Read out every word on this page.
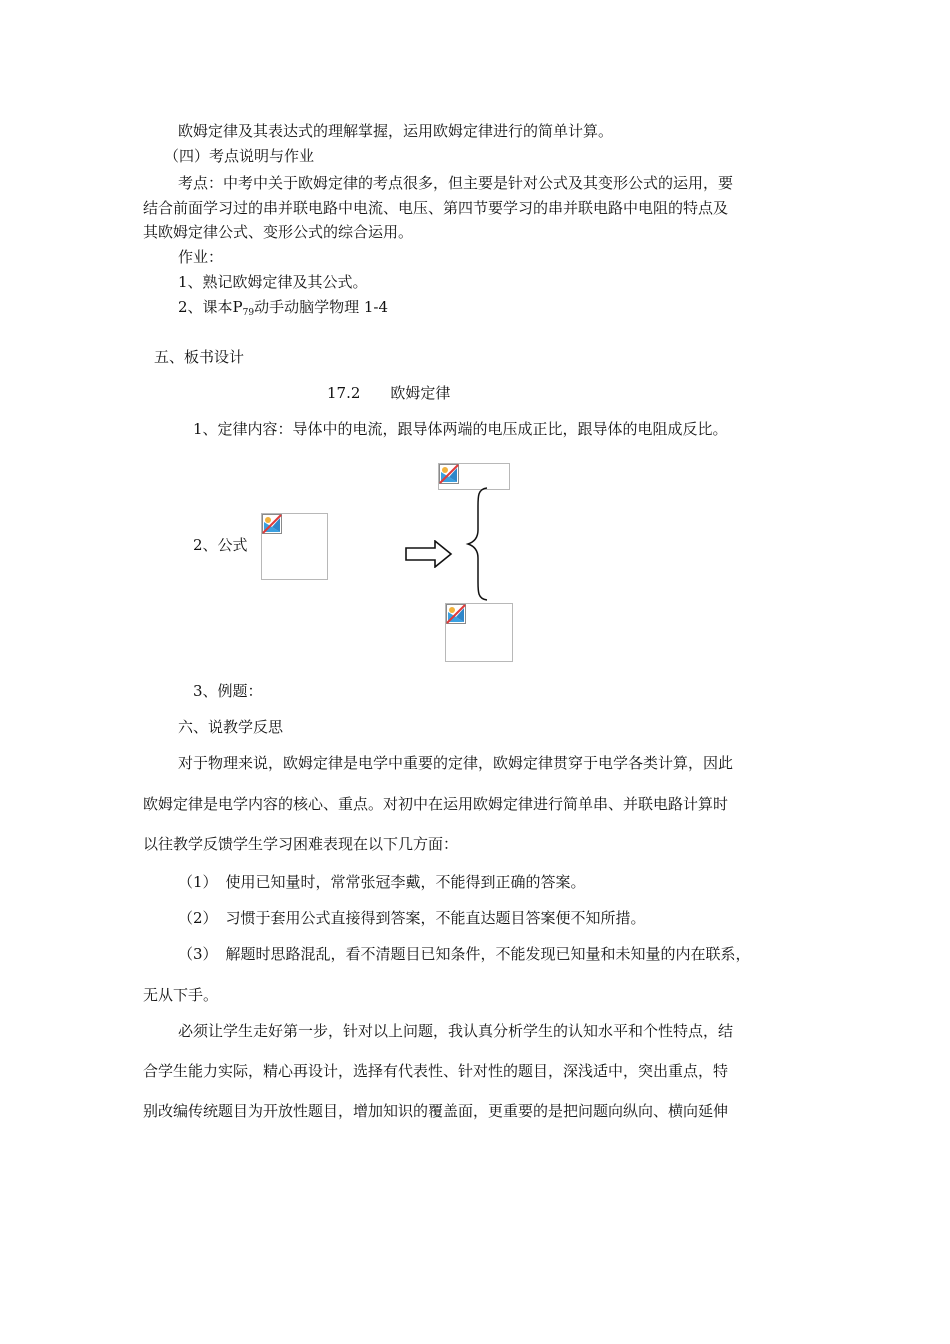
欧姆定律及其表达式的理解掌握，运用欧姆定律进行的简单计算。
（四）考点说明与作业
考点：中考中关于欧姆定律的考点很多，但主要是针对公式及其变形公式的运用，要
结合前面学习过的串并联电路中电流、电压、第四节要学习的串并联电路中电阻的特点及
其欧姆定律公式、变形公式的综合运用。
作业：
1、熟记欧姆定律及其公式。
2、课本$P_{79}$动手动脑学物理 1-4
五、板书设计
17.2 欧姆定律
1、定律内容：导体中的电流，跟导体两端的电压成正比，跟导体的电阻成反比。
2、公式
3、例题：
六、说教学反思
对于物理来说，欧姆定律是电学中重要的定律，欧姆定律贯穿于电学各类计算，因此
欧姆定律是电学内容的核心、重点。对初中在运用欧姆定律进行简单串、并联电路计算时
以往教学反馈学生学习困难表现在以下几方面：
（1） 使用已知量时，常常张冠李戴，不能得到正确的答案。
（2） 习惯于套用公式直接得到答案，不能直达题目答案便不知所措。
（3） 解题时思路混乱，看不清题目已知条件，不能发现已知量和未知量的内在联系，
无从下手。
必须让学生走好第一步，针对以上问题，我认真分析学生的认知水平和个性特点，结
合学生能力实际，精心再设计，选择有代表性、针对性的题目，深浅适中，突出重点，特
别改编传统题目为开放性题目，增加知识的覆盖面，更重要的是把问题向纵向、横向延伸
